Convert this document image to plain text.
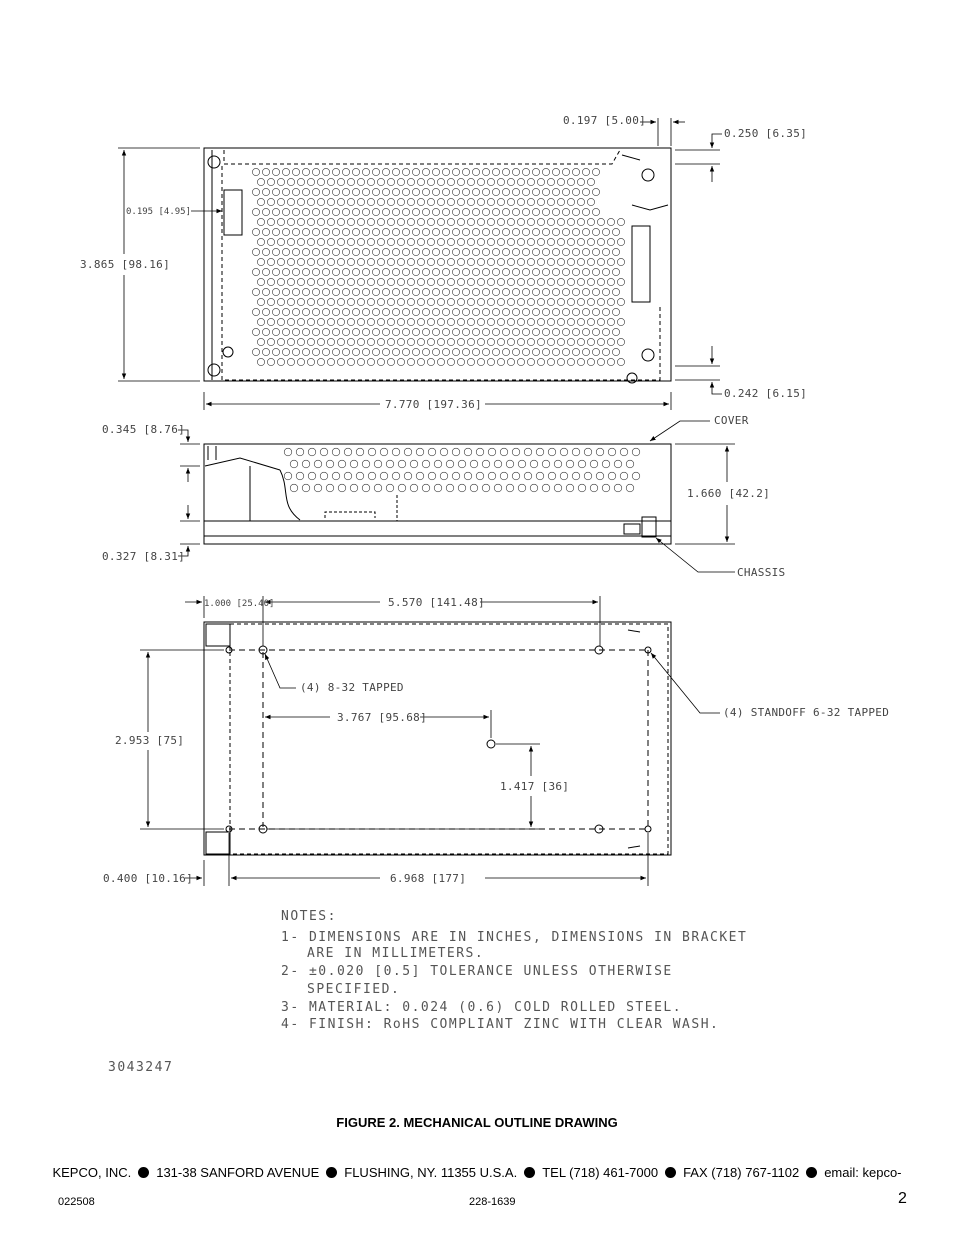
3.865 [98.16]
0.195 [4.95]
7.770 [197.36]
0.197 [5.00]
0.250 [6.35]
0.242 [6.15]
0.345 [8.76]
0.327 [8.31]
1.660 [42.2]
COVER
CHASSIS
1.000 [25.40]	5.570 [141.48]
(4) 8-32 TAPPED
(4) STANDOFF 6-32 TAPPED
2.953 [75]
3.767 [95.68]
1.417 [36]
0.400 [10.16]	6.968 [177]
NOTES:
1- DIMENSIONS ARE IN INCHES, DIMENSIONS IN BRACKET
ARE IN MILLIMETERS.
2- ±0.020 [0.5] TOLERANCE UNLESS OTHERWISE
SPECIFIED.
3- MATERIAL: 0.024 (0.6) COLD ROLLED STEEL.
4- FINISH: RoHS COMPLIANT ZINC WITH CLEAR WASH.
3043247
FIGURE 2. MECHANICAL OUTLINE DRAWING
KEPCO, INC. 131-38 SANFORD AVENUE FLUSHING, NY. 11355 U.S.A. TEL (718) 461-7000 FAX (718) 767-1102 email: kepco-
022508	228-1639	2
